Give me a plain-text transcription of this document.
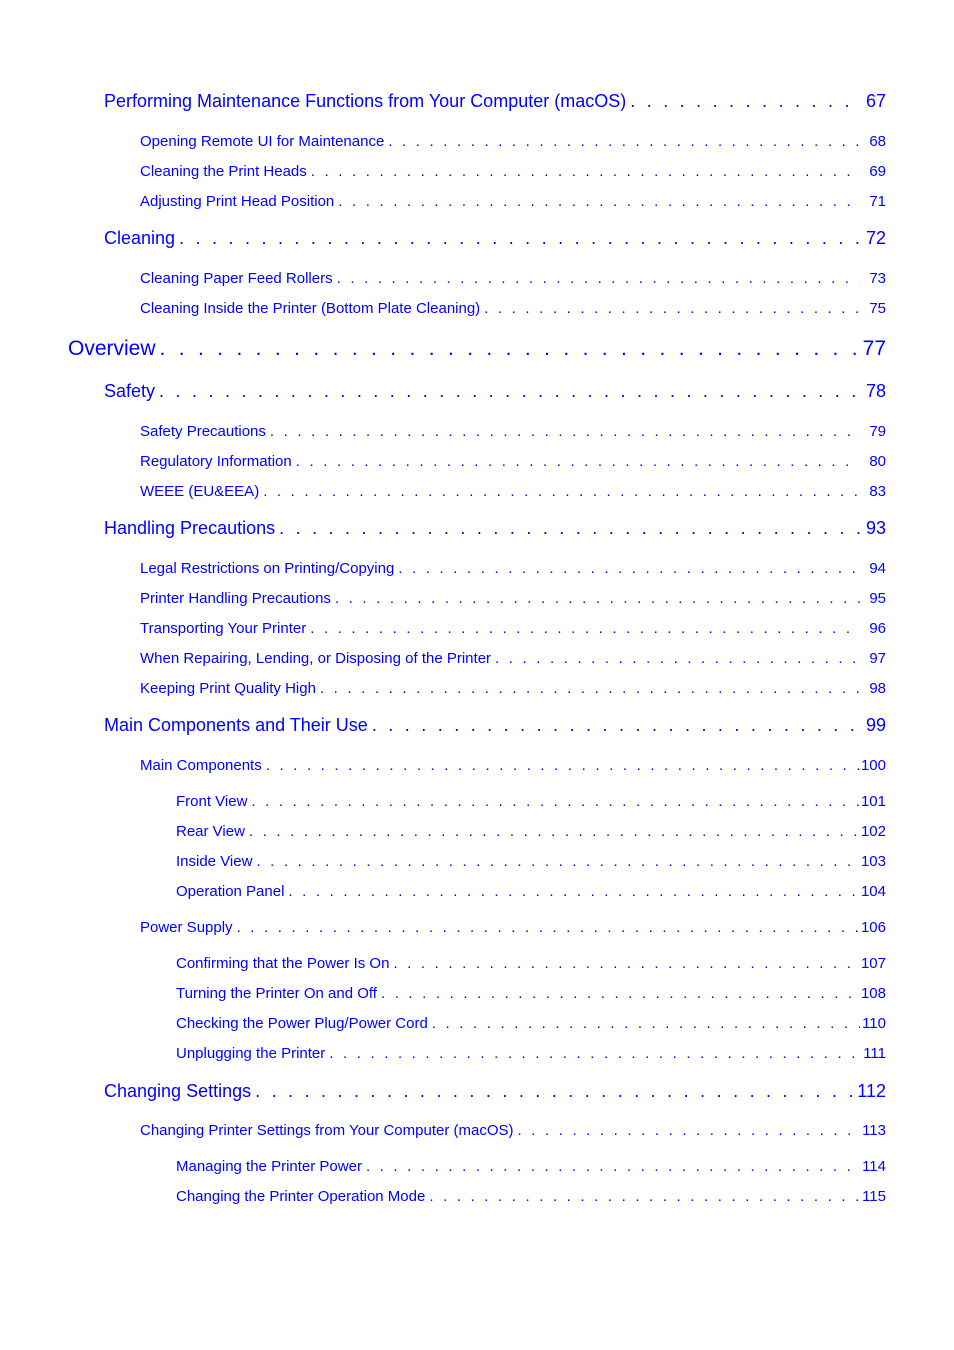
Performing Maintenance Functions from Your Computer (macOS) . . .	67
Opening Remote UI for Maintenance . . .	68
Cleaning the Print Heads . . .	69
Adjusting Print Head Position . . .	71
Cleaning . . .	72
Cleaning Paper Feed Rollers . . .	73
Cleaning Inside the Printer (Bottom Plate Cleaning) . . .	75
Overview . . .	77
Safety . . .	78
Safety Precautions . . .	79
Regulatory Information . . .	80
WEEE (EU&EEA) . . .	83
Handling Precautions . . .	93
Legal Restrictions on Printing/Copying . . .	94
Printer Handling Precautions . . .	95
Transporting Your Printer . . .	96
When Repairing, Lending, or Disposing of the Printer . . .	97
Keeping Print Quality High . . .	98
Main Components and Their Use . . .	99
Main Components . . .	100
Front View . . .	101
Rear View . . .	102
Inside View . . .	103
Operation Panel . . .	104
Power Supply . . .	106
Confirming that the Power Is On . . .	107
Turning the Printer On and Off . . .	108
Checking the Power Plug/Power Cord . . .	110
Unplugging the Printer . . .	111
Changing Settings . . .	112
Changing Printer Settings from Your Computer (macOS) . . .	113
Managing the Printer Power . . .	114
Changing the Printer Operation Mode . . .	115
